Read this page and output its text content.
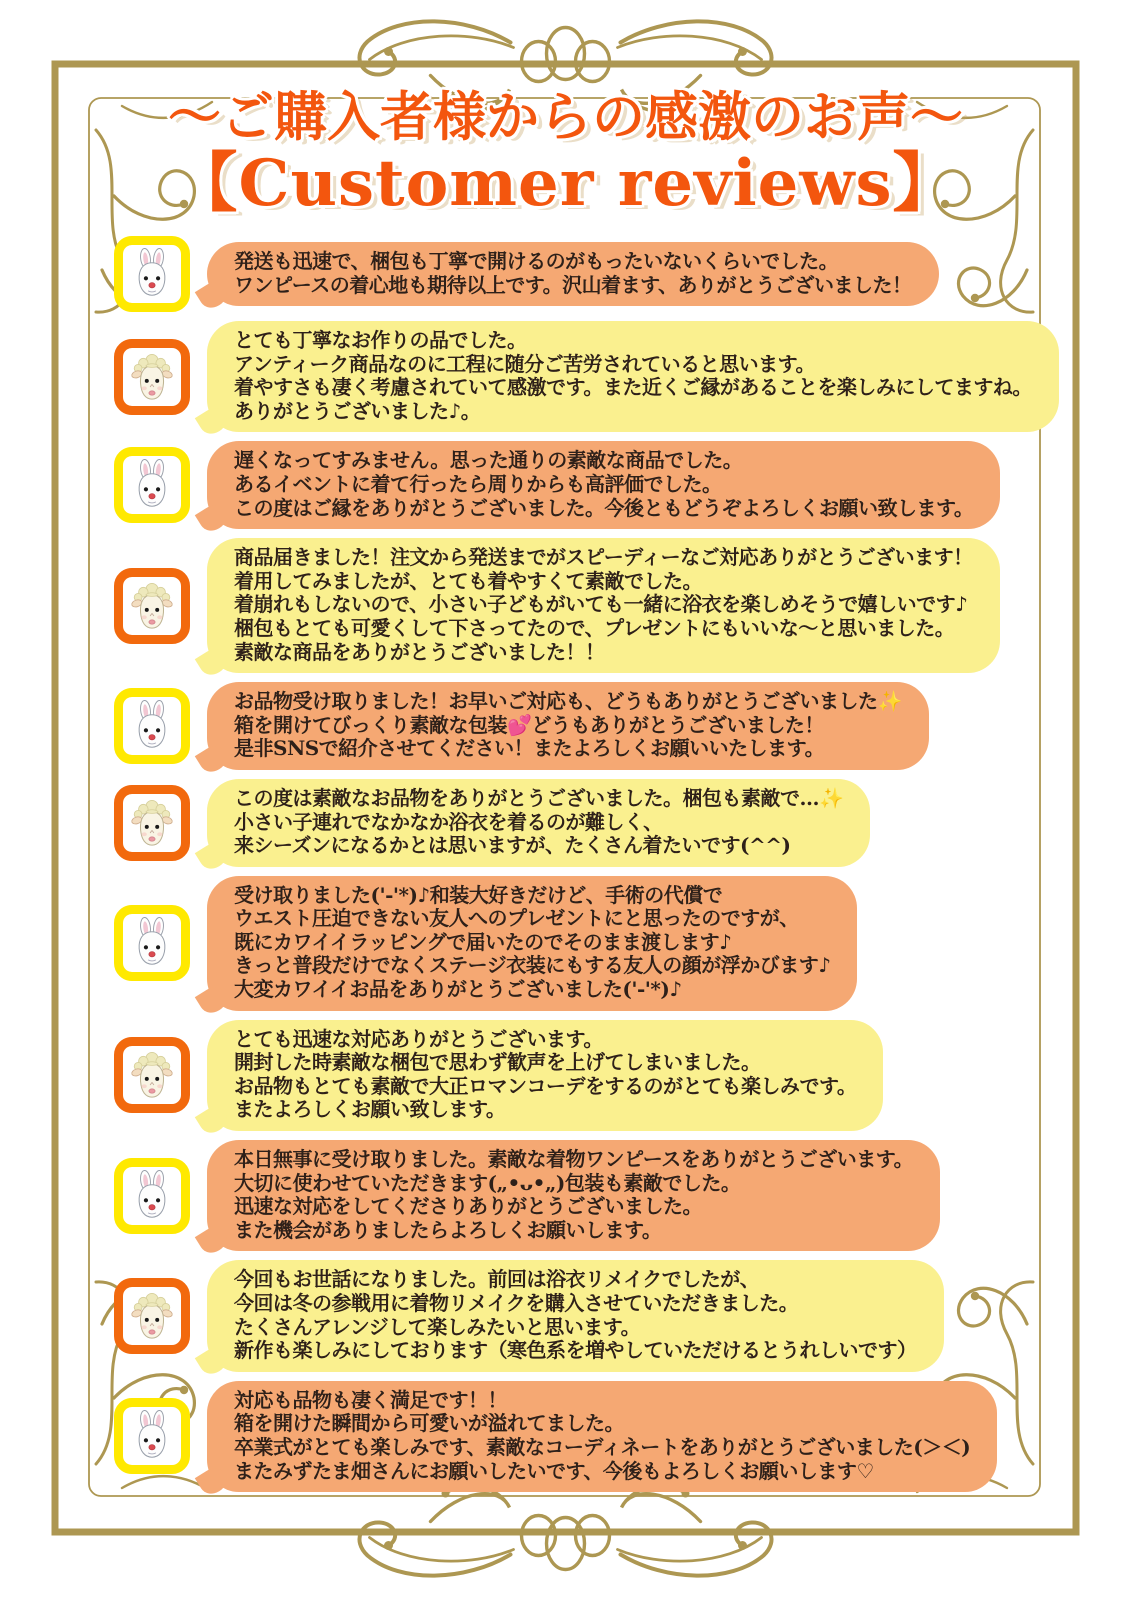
〜ご購入者様からの感激のお声〜
【Customer reviews】
発送も迅速で、梱包も丁寧で開けるのがもったいないくらいでした。
ワンピースの着心地も期待以上です。沢山着ます、ありがとうございました！
とても丁寧なお作りの品でした。
アンティーク商品なのに工程に随分ご苦労されていると思います。
着やすさも凄く考慮されていて感激です。また近くご縁があることを楽しみにしてますね。
ありがとうございました♪。
遅くなってすみません。思った通りの素敵な商品でした。
あるイベントに着て行ったら周りからも高評価でした。
この度はご縁をありがとうございました。今後ともどうぞよろしくお願い致します。
商品届きました！注文から発送までがスピーディーなご対応ありがとうございます！
着用してみましたが、とても着やすくて素敵でした。
着崩れもしないので、小さい子どもがいても一緒に浴衣を楽しめそうで嬉しいです♪
梱包もとても可愛くして下さってたので、プレゼントにもいいな〜と思いました。
素敵な商品をありがとうございました！！
お品物受け取りました！お早いご対応も、どうもありがとうございました✨
箱を開けてびっくり素敵な包装💕どうもありがとうございました！
是非SNSで紹介させてください！またよろしくお願いいたします。
この度は素敵なお品物をありがとうございました。梱包も素敵で…✨
小さい子連れでなかなか浴衣を着るのが難しく、
来シーズンになるかとは思いますが、たくさん着たいです(^^)
受け取りました('-'*)♪和装大好きだけど、手術の代償で
ウエスト圧迫できない友人へのプレゼントにと思ったのですが、
既にカワイイラッピングで届いたのでそのまま渡します♪
きっと普段だけでなくステージ衣装にもする友人の顔が浮かびます♪
大変カワイイお品をありがとうございました('-'*)♪
とても迅速な対応ありがとうございます。
開封した時素敵な梱包で思わず歓声を上げてしまいました。
お品物もとても素敵で大正ロマンコーデをするのがとても楽しみです。
またよろしくお願い致します。
本日無事に受け取りました。素敵な着物ワンピースをありがとうございます。
大切に使わせていただきます(„•ᴗ•„)包装も素敵でした。
迅速な対応をしてくださりありがとうございました。
また機会がありましたらよろしくお願いします。
今回もお世話になりました。前回は浴衣リメイクでしたが、
今回は冬の参戦用に着物リメイクを購入させていただきました。
たくさんアレンジして楽しみたいと思います。
新作も楽しみにしております（寒色系を増やしていただけるとうれしいです）
対応も品物も凄く満足です！！
箱を開けた瞬間から可愛いが溢れてました。
卒業式がとても楽しみです、素敵なコーディネートをありがとうございました(＞＜)
またみずたま畑さんにお願いしたいです、今後もよろしくお願いします♡
